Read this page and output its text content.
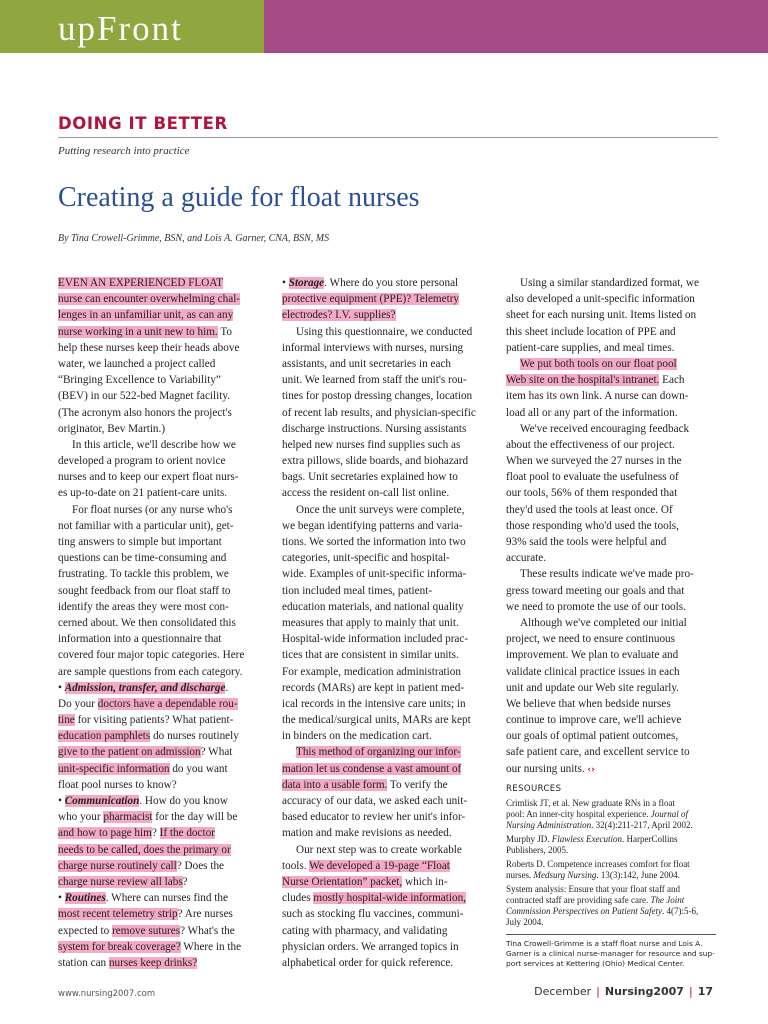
upFront
DOING IT BETTER
Putting research into practice
Creating a guide for float nurses
By Tina Crowell-Grimme, BSN, and Lois A. Garner, CNA, BSN, MS
EVEN AN EXPERIENCED FLOAT
nurse can encounter overwhelming chal-
lenges in an unfamiliar unit, as can any
nurse working in a unit new to him. To
help these nurses keep their heads above
water, we launched a project called
“Bringing Excellence to Variability”
(BEV) in our 522-bed Magnet facility.
(The acronym also honors the project's
originator, Bev Martin.)
In this article, we'll describe how we
developed a program to orient novice
nurses and to keep our expert float nurs-
es up-to-date on 21 patient-care units.
For float nurses (or any nurse who's
not familiar with a particular unit), get-
ting answers to simple but important
questions can be time-consuming and
frustrating. To tackle this problem, we
sought feedback from our float staff to
identify the areas they were most con-
cerned about. We then consolidated this
information into a questionnaire that
covered four major topic categories. Here
are sample questions from each category.
• Admission, transfer, and discharge.
Do your doctors have a dependable rou-
tine for visiting patients? What patient-
education pamphlets do nurses routinely
give to the patient on admission? What
unit-specific information do you want
float pool nurses to know?
• Communication. How do you know
who your pharmacist for the day will be
and how to page him? If the doctor
needs to be called, does the primary or
charge nurse routinely call? Does the
charge nurse review all labs?
• Routines. Where can nurses find the
most recent telemetry strip? Are nurses
expected to remove sutures? What's the
system for break coverage? Where in the
station can nurses keep drinks?
• Storage. Where do you store personal
protective equipment (PPE)? Telemetry
electrodes? I.V. supplies?
Using this questionnaire, we conducted
informal interviews with nurses, nursing
assistants, and unit secretaries in each
unit. We learned from staff the unit's rou-
tines for postop dressing changes, location
of recent lab results, and physician-specific
discharge instructions. Nursing assistants
helped new nurses find supplies such as
extra pillows, slide boards, and biohazard
bags. Unit secretaries explained how to
access the resident on-call list online.
Once the unit surveys were complete,
we began identifying patterns and varia-
tions. We sorted the information into two
categories, unit-specific and hospital-
wide. Examples of unit-specific informa-
tion included meal times, patient-
education materials, and national quality
measures that apply to mainly that unit.
Hospital-wide information included prac-
tices that are consistent in similar units.
For example, medication administration
records (MARs) are kept in patient med-
ical records in the intensive care units; in
the medical/surgical units, MARs are kept
in binders on the medication cart.
This method of organizing our infor-
mation let us condense a vast amount of
data into a usable form. To verify the
accuracy of our data, we asked each unit-
based educator to review her unit's infor-
mation and make revisions as needed.
Our next step was to create workable
tools. We developed a 19-page “Float
Nurse Orientation” packet, which in-
cludes mostly hospital-wide information,
such as stocking flu vaccines, communi-
cating with pharmacy, and validating
physician orders. We arranged topics in
alphabetical order for quick reference.
Using a similar standardized format, we
also developed a unit-specific information
sheet for each nursing unit. Items listed on
this sheet include location of PPE and
patient-care supplies, and meal times.
We put both tools on our float pool
Web site on the hospital's intranet. Each
item has its own link. A nurse can down-
load all or any part of the information.
We've received encouraging feedback
about the effectiveness of our project.
When we surveyed the 27 nurses in the
float pool to evaluate the usefulness of
our tools, 56% of them responded that
they'd used the tools at least once. Of
those responding who'd used the tools,
93% said the tools were helpful and
accurate.
These results indicate we've made pro-
gress toward meeting our goals and that
we need to promote the use of our tools.
Although we've completed our initial
project, we need to ensure continuous
improvement. We plan to evaluate and
validate clinical practice issues in each
unit and update our Web site regularly.
We believe that when bedside nurses
continue to improve care, we'll achieve
our goals of optimal patient outcomes,
safe patient care, and excellent service to
our nursing units. ‹›
RESOURCES
Crimlisk JT, et al. New graduate RNs in a float
pool: An inner-city hospital experience. Journal of
Nursing Administration. 32(4):211-217, April 2002.
Murphy JD. Flawless Execution. HarperCollins
Publishers, 2005.
Roberts D. Competence increases comfort for float
nurses. Medsurg Nursing. 13(3):142, June 2004.
System analysis: Ensure that your float staff and
contracted staff are providing safe care. The Joint
Commission Perspectives on Patient Safety. 4(7):5-6,
July 2004.
Tina Crowell-Grimme is a staff float nurse and Lois A.
Garner is a clinical nurse-manager for resource and sup-
port services at Kettering (Ohio) Medical Center.
www.nursing2007.com	December | Nursing2007 | 17
